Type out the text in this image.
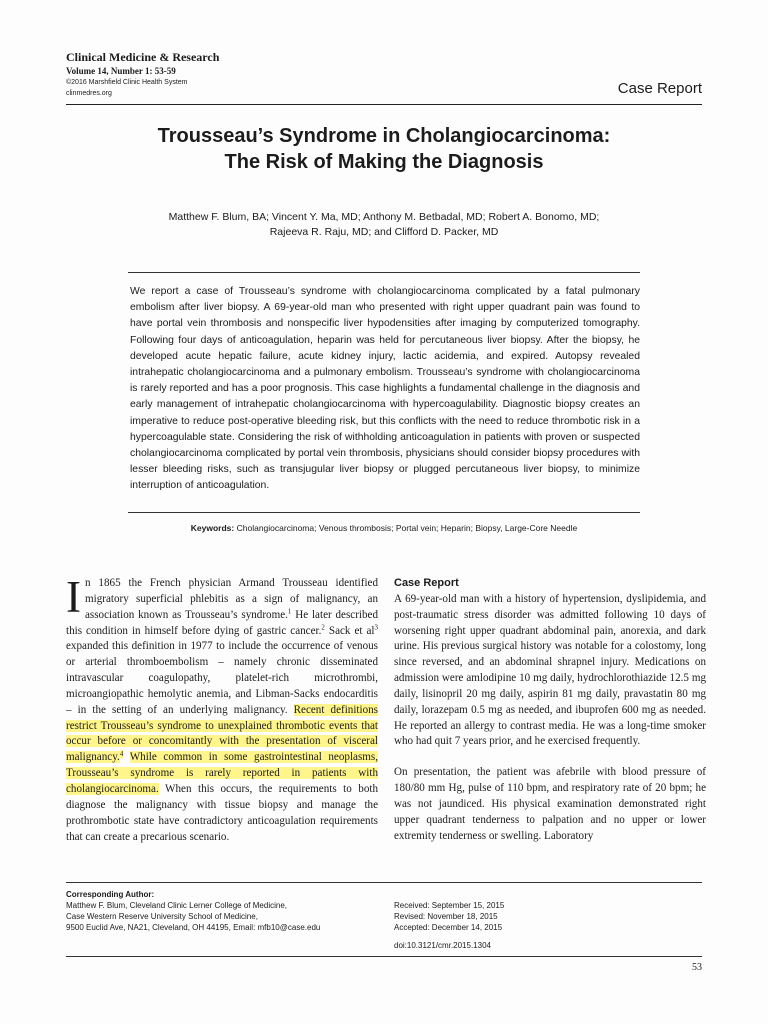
Clinical Medicine & Research
Volume 14, Number 1: 53-59
©2016 Marshfield Clinic Health System
clinmedres.org	Case Report
Trousseau’s Syndrome in Cholangiocarcinoma:
The Risk of Making the Diagnosis
Matthew F. Blum, BA; Vincent Y. Ma, MD; Anthony M. Betbadal, MD; Robert A. Bonomo, MD;
Rajeeva R. Raju, MD; and Clifford D. Packer, MD
We report a case of Trousseau’s syndrome with cholangiocarcinoma complicated by a fatal pulmonary embolism after liver biopsy. A 69-year-old man who presented with right upper quadrant pain was found to have portal vein thrombosis and nonspecific liver hypodensities after imaging by computerized tomography. Following four days of anticoagulation, heparin was held for percutaneous liver biopsy. After the biopsy, he developed acute hepatic failure, acute kidney injury, lactic acidemia, and expired. Autopsy revealed intrahepatic cholangiocarcinoma and a pulmonary embolism. Trousseau’s syndrome with cholangiocarcinoma is rarely reported and has a poor prognosis. This case highlights a fundamental challenge in the diagnosis and early management of intrahepatic cholangiocarcinoma with hypercoagulability. Diagnostic biopsy creates an imperative to reduce post-operative bleeding risk, but this conflicts with the need to reduce thrombotic risk in a hypercoagulable state. Considering the risk of withholding anticoagulation in patients with proven or suspected cholangiocarcinoma complicated by portal vein thrombosis, physicians should consider biopsy procedures with lesser bleeding risks, such as transjugular liver biopsy or plugged percutaneous liver biopsy, to minimize interruption of anticoagulation.
Keywords: Cholangiocarcinoma; Venous thrombosis; Portal vein; Heparin; Biopsy, Large-Core Needle
In 1865 the French physician Armand Trousseau identified migratory superficial phlebitis as a sign of malignancy, an association known as Trousseau’s syndrome.$^1$ He later described this condition in himself before dying of gastric cancer.$^2$ Sack et $al^3$ expanded this definition in 1977 to include the occurrence of venous or arterial thromboembolism – namely chronic disseminated intravascular coagulopathy, platelet-rich microthrombi, microangiopathic hemolytic anemia, and Libman-Sacks endocarditis – in the setting of an underlying malignancy. Recent definitions restrict Trousseau’s syndrome to unexplained thrombotic events that occur before or concomitantly with the presentation of visceral malignancy.$^4$ While common in some gastrointestinal neoplasms, Trousseau’s syndrome is rarely reported in patients with cholangiocarcinoma. When this occurs, the requirements to both diagnose the malignancy with tissue biopsy and manage the prothrombotic state have contradictory anticoagulation requirements that can create a precarious scenario.
Case Report
A 69-year-old man with a history of hypertension, dyslipidemia, and post-traumatic stress disorder was admitted following 10 days of worsening right upper quadrant abdominal pain, anorexia, and dark urine. His previous surgical history was notable for a colostomy, long since reversed, and an abdominal shrapnel injury. Medications on admission were amlodipine 10 mg daily, hydrochlorothiazide 12.5 mg daily, lisinopril 20 mg daily, aspirin 81 mg daily, pravastatin 80 mg daily, lorazepam 0.5 mg as needed, and ibuprofen 600 mg as needed. He reported an allergy to contrast media. He was a long-time smoker who had quit 7 years prior, and he exercised frequently.
On presentation, the patient was afebrile with blood pressure of 180/80 mm Hg, pulse of 110 bpm, and respiratory rate of 20 bpm; he was not jaundiced. His physical examination demonstrated right upper quadrant tenderness to palpation and no upper or lower extremity tenderness or swelling. Laboratory
Corresponding Author:
Matthew F. Blum, Cleveland Clinic Lerner College of Medicine,
Case Western Reserve University School of Medicine,
9500 Euclid Ave, NA21, Cleveland, OH 44195, Email: mfb10@case.edu
Received: September 15, 2015
Revised: November 18, 2015
Accepted: December 14, 2015
doi:10.3121/cmr.2015.1304
53
